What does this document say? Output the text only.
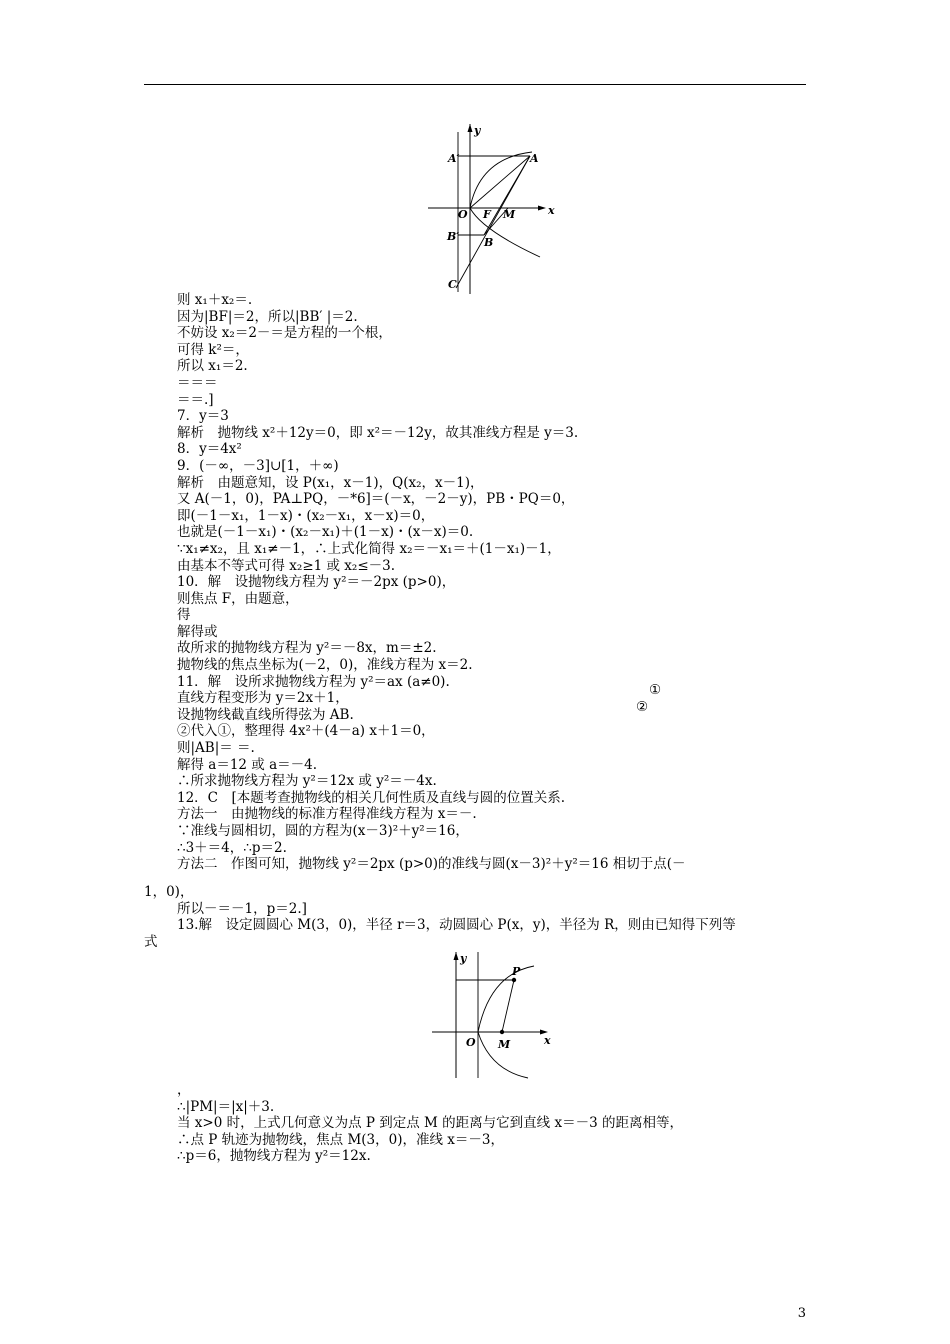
y
x
A′	A
O F M
B′ B
C
则 x₁＋x₂＝.
因为|BF|＝2，所以|BB′ |＝2.
不妨设 x₂＝2－＝是方程的一个根，
可得 k²＝，
所以 x₁＝2.
＝＝＝
＝＝.]
7．y＝3
解析　抛物线 x²＋12y＝0，即 x²＝－12y，故其准线方程是 y＝3.
8．y＝4x²
9．(－∞，－3]∪[1，＋∞)
解析　由题意知，设 P(x₁，x－1)，Q(x₂，x－1)，
又 A(－1，0)，PA⊥PQ，－*6]＝(－x，－2－y)，PB・PQ＝0，
即(－1－x₁，1－x)・(x₂－x₁，x－x)＝0，
也就是(－1－x₁)・(x₂－x₁)＋(1－x)・(x－x)＝0.
∵x₁≠x₂，且 x₁≠－1，∴上式化简得 x₂＝－x₁＝＋(1－x₁)－1，
由基本不等式可得 x₂≥1 或 x₂≤－3.
10．解　设抛物线方程为 y²＝－2px (p>0)，
则焦点 F，由题意，
得
解得或
故所求的抛物线方程为 y²＝－8x，m＝±2.
抛物线的焦点坐标为(－2，0)，准线方程为 x＝2.
11．解　设所求抛物线方程为 y²＝ax (a≠0).
直线方程变形为 y＝2x＋1，
设抛物线截直线所得弦为 AB.
②代入①，整理得 4x²＋(4－a) x＋1＝0，
则|AB|＝ ＝.
解得 a＝12 或 a＝－4.
∴所求抛物线方程为 y²＝12x 或 y²＝－4x.
12．C　[本题考查抛物线的相关几何性质及直线与圆的位置关系.
方法一　由抛物线的标准方程得准线方程为 x＝－.
∵准线与圆相切，圆的方程为(x－3)²＋y²＝16，
∴3＋＝4，∴p＝2.
方法二　作图可知，抛物线 y²＝2px (p>0)的准线与圆(x－3)²＋y²＝16 相切于点(－
①
②
1，0)，
所以－＝－1，p＝2.]
13.解　设定圆圆心 M(3，0)，半径 r＝3，动圆圆心 P(x，y)，半径为 R，则由已知得下列等
式
y
x
P
O M
，
∴|PM|＝|x|＋3.
当 x>0 时，上式几何意义为点 P 到定点 M 的距离与它到直线 x＝－3 的距离相等，
∴点 P 轨迹为抛物线，焦点 M(3，0)，准线 x＝－3，
∴p＝6，抛物线方程为 y²＝12x.
3
